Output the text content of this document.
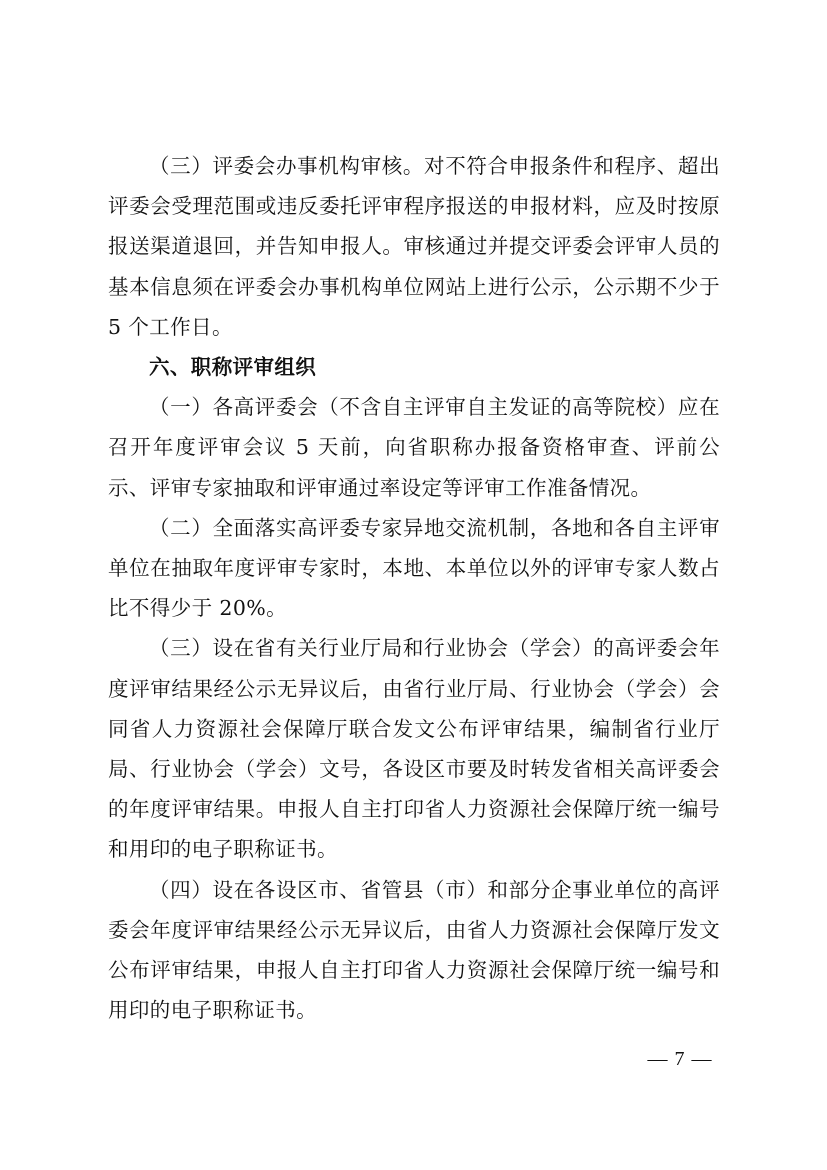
（三）评委会办事机构审核。对不符合申报条件和程序、超出评委会受理范围或违反委托评审程序报送的申报材料，应及时按原报送渠道退回，并告知申报人。审核通过并提交评委会评审人员的基本信息须在评委会办事机构单位网站上进行公示，公示期不少于 5 个工作日。

六、职称评审组织

（一）各高评委会（不含自主评审自主发证的高等院校）应在召开年度评审会议 5 天前，向省职称办报备资格审查、评前公示、评审专家抽取和评审通过率设定等评审工作准备情况。

（二）全面落实高评委专家异地交流机制，各地和各自主评审单位在抽取年度评审专家时，本地、本单位以外的评审专家人数占比不得少于 20%。

（三）设在省有关行业厅局和行业协会（学会）的高评委会年度评审结果经公示无异议后，由省行业厅局、行业协会（学会）会同省人力资源社会保障厅联合发文公布评审结果，编制省行业厅局、行业协会（学会）文号，各设区市要及时转发省相关高评委会的年度评审结果。申报人自主打印省人力资源社会保障厅统一编号和用印的电子职称证书。

（四）设在各设区市、省管县（市）和部分企事业单位的高评委会年度评审结果经公示无异议后，由省人力资源社会保障厅发文公布评审结果，申报人自主打印省人力资源社会保障厅统一编号和用印的电子职称证书。

— 7 —
